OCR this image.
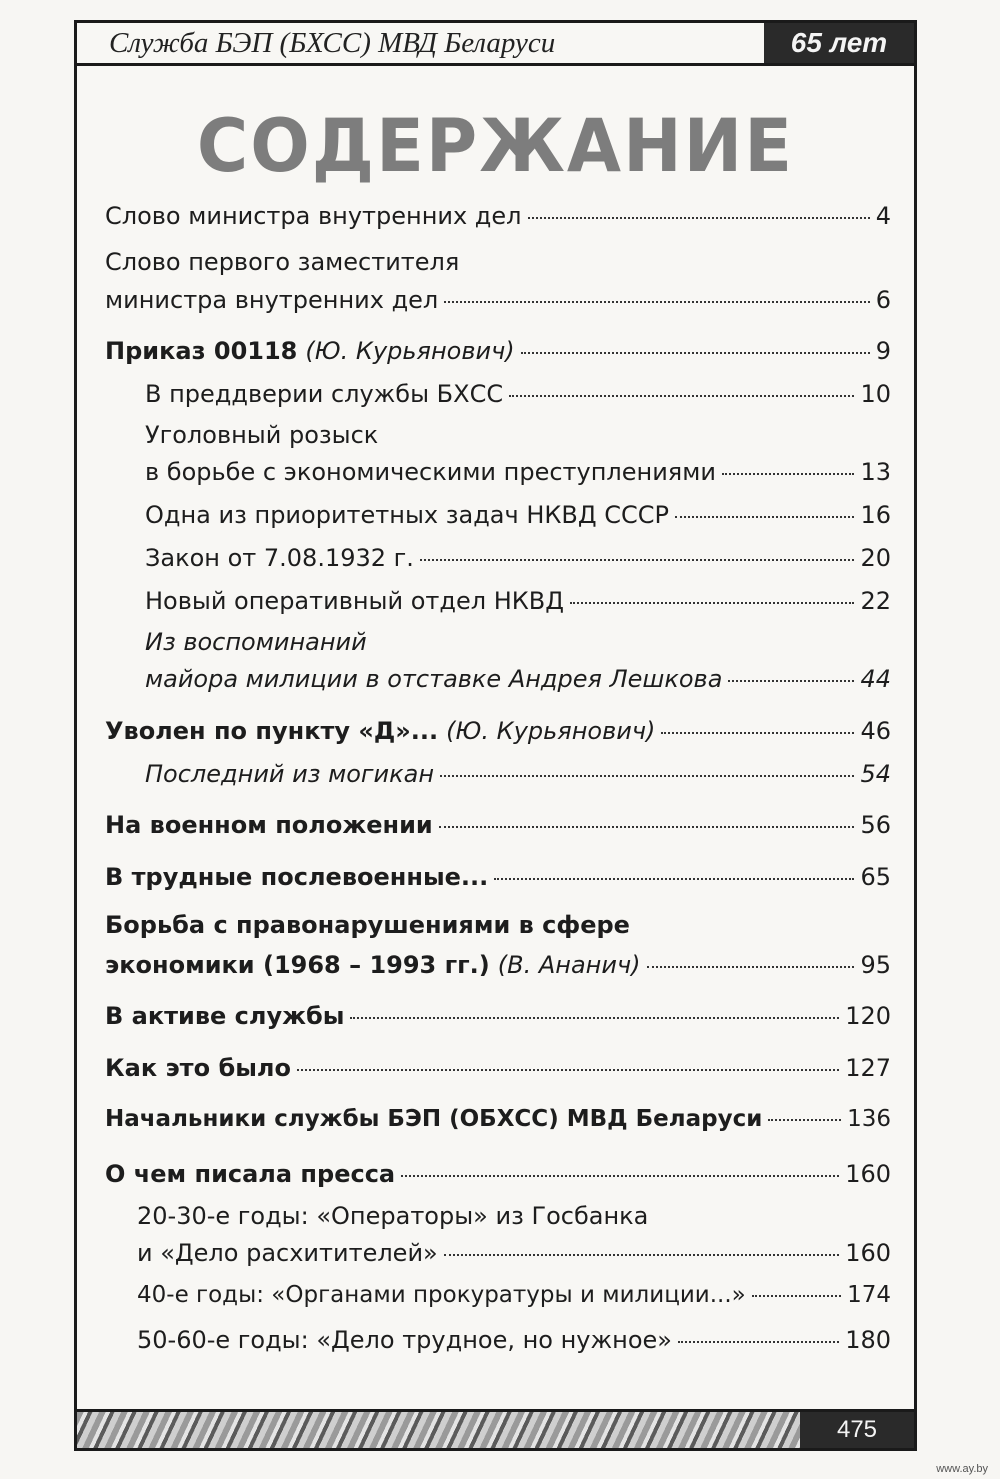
Служба БЭП (БХСС) МВД Беларуси	65 лет
СОДЕРЖАНИЕ
Слово министра внутренних дел	4
Слово первого заместителя
министра внутренних дел	6
Приказ 00118 (Ю. Курьянович)	9
В преддверии службы БХСС	10
Уголовный розыск
в борьбе с экономическими преступлениями	13
Одна из приоритетных задач НКВД СССР	16
Закон от 7.08.1932 г.	20
Новый оперативный отдел НКВД	22
Из воспоминаний
майора милиции в отставке Андрея Лешкова	44
Уволен по пункту «Д»... (Ю. Курьянович)	46
Последний из могикан	54
На военном положении	56
В трудные послевоенные...	65
Борьба с правонарушениями в сфере
экономики (1968 – 1993 гг.) (В. Ананич)	95
В активе службы	120
Как это было	127
Начальники службы БЭП (ОБХСС) МВД Беларуси	136
О чем писала пресса	160
20-30-е годы: «Операторы» из Госбанка
и «Дело расхитителей»	160
40-е годы: «Органами прокуратуры и милиции...»	174
50-60-е годы: «Дело трудное, но нужное»	180
475
www.ay.by
